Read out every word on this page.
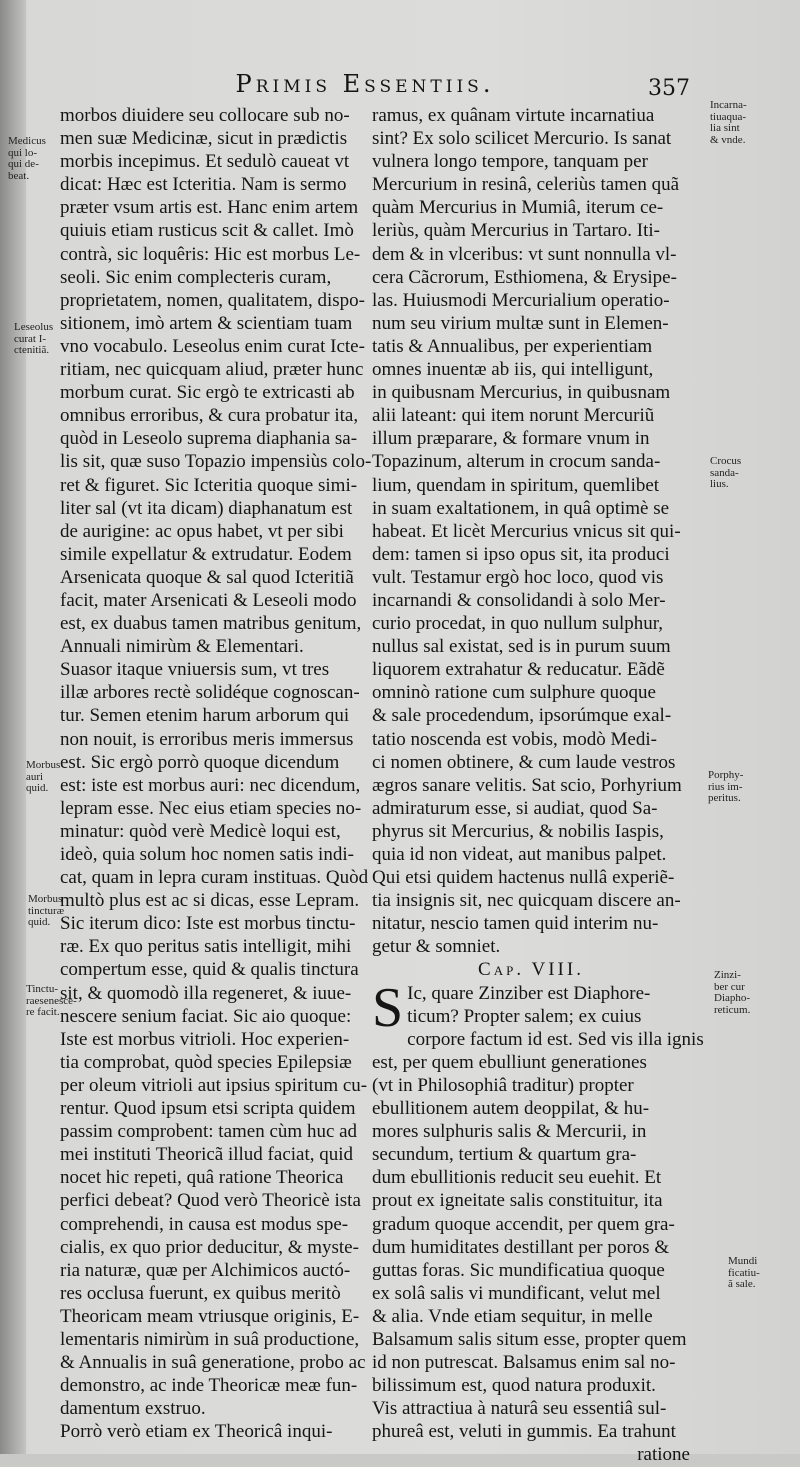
Primis Essentiis.	357
morbos diuidere seu collocare sub no-
men suæ Medicinæ, sicut in prædictis
morbis incepimus. Et sedulò caueat vt
dicat: Hæc est Icteritia. Nam is sermo
præter vsum artis est. Hanc enim artem
quiuis etiam rusticus scit & callet. Imò
contrà, sic loquêris: Hic est morbus Le-
seoli. Sic enim complecteris curam,
proprietatem, nomen, qualitatem, dispo-
sitionem, imò artem & scientiam tuam
vno vocabulo. Leseolus enim curat Icte-
ritiam, nec quicquam aliud, præter hunc
morbum curat. Sic ergò te extricasti ab
omnibus erroribus, & cura probatur ita,
quòd in Leseolo suprema diaphania sa-
lis sit, quæ suso Topazio impensiùs colo-
ret & figuret. Sic Icteritia quoque simi-
liter sal (vt ita dicam) diaphanatum est
de aurigine: ac opus habet, vt per sibi
simile expellatur & extrudatur. Eodem
Arsenicata quoque & sal quod Icteritiã
facit, mater Arsenicati & Leseoli modo
est, ex duabus tamen matribus genitum,
Annuali nimirùm & Elementari.
Suasor itaque vniuersis sum, vt tres
illæ arbores rectè solidéque cognoscan-
tur. Semen etenim harum arborum qui
non nouit, is erroribus meris immersus
est. Sic ergò porrò quoque dicendum
est: iste est morbus auri: nec dicendum,
lepram esse. Nec eius etiam species no-
minatur: quòd verè Medicè loqui est,
ideò, quia solum hoc nomen satis indi-
cat, quam in lepra curam instituas. Quòd
multò plus est ac si dicas, esse Lepram.
Sic iterum dico: Iste est morbus tinctu-
ræ. Ex quo peritus satis intelligit, mihi
compertum esse, quid & qualis tinctura
sit, & quomodò illa regeneret, & iuue-
nescere senium faciat. Sic aio quoque:
Iste est morbus vitrioli. Hoc experien-
tia comprobat, quòd species Epilepsiæ
per oleum vitrioli aut ipsius spiritum cu-
rentur. Quod ipsum etsi scripta quidem
passim comprobent: tamen cùm huc ad
mei instituti Theoricã illud faciat, quid
nocet hic repeti, quâ ratione Theorica
perfici debeat? Quod verò Theoricè ista
comprehendi, in causa est modus spe-
cialis, ex quo prior deducitur, & myste-
ria naturæ, quæ per Alchimicos auctó-
res occlusa fuerunt, ex quibus meritò
Theoricam meam vtriusque originis, E-
lementaris nimirùm in suâ productione,
& Annualis in suâ generatione, probo ac
demonstro, ac inde Theoricæ meæ fun-
damentum exstruo.
Porrò verò etiam ex Theoricâ inqui-
ramus, ex quânam virtute incarnatiua
sint? Ex solo scilicet Mercurio. Is sanat
vulnera longo tempore, tanquam per
Mercurium in resinâ, celeriùs tamen quã
quàm Mercurius in Mumiâ, iterum ce-
leriùs, quàm Mercurius in Tartaro. Iti-
dem & in vlceribus: vt sunt nonnulla vl-
cera Cãcrorum, Esthiomena, & Erysipe-
las. Huiusmodi Mercurialium operatio-
num seu virium multæ sunt in Elemen-
tatis & Annualibus, per experientiam
omnes inuentæ ab iis, qui intelligunt,
in quibusnam Mercurius, in quibusnam
alii lateant: qui item norunt Mercuriũ
illum præparare, & formare vnum in
Topazinum, alterum in crocum sanda-
lium, quendam in spiritum, quemlibet
in suam exaltationem, in quâ optimè se
habeat. Et licèt Mercurius vnicus sit qui-
dem: tamen si ipso opus sit, ita produci
vult. Testamur ergò hoc loco, quod vis
incarnandi & consolidandi à solo Mer-
curio procedat, in quo nullum sulphur,
nullus sal existat, sed is in purum suum
liquorem extrahatur & reducatur. Eãdẽ
omninò ratione cum sulphure quoque
& sale procedendum, ipsorúmque exal-
tatio noscenda est vobis, modò Medi-
ci nomen obtinere, & cum laude vestros
ægros sanare velitis. Sat scio, Porhyrium
admiraturum esse, si audiat, quod Sa-
phyrus sit Mercurius, & nobilis Iaspis,
quia id non videat, aut manibus palpet.
Qui etsi quidem hactenus nullâ experiẽ-
tia insignis sit, nec quicquam discere an-
nitatur, nescio tamen quid interim nu-
getur & somniet.
Cap. VIII.
S Ic, quare Zinziber est Diaphore-
ticum? Propter salem; ex cuius
corpore factum id est. Sed vis illa ignis
est, per quem ebulliunt generationes
(vt in Philosophiâ traditur) propter
ebullitionem autem deoppilat, & hu-
mores sulphuris salis & Mercurii, in
secundum, tertium & quartum gra-
dum ebullitionis reducit seu euehit. Et
prout ex igneitate salis constituitur, ita
gradum quoque accendit, per quem gra-
dum humiditates destillant per poros &
guttas foras. Sic mundificatiua quoque
ex solâ salis vi mundificant, velut mel
& alia. Vnde etiam sequitur, in melle
Balsamum salis situm esse, propter quem
id non putrescat. Balsamus enim sal no-
bilissimum est, quod natura produxit.
Vis attractiua à naturâ seu essentiâ sul-
phureâ est, veluti in gummis. Ea trahunt
ratione
Medicus
qui lo-
qui de-
beat.
Leseolus
curat I-
ctenitiã.
Morbus
auri
quid.
Morbus
tincturæ
quid.
Tinctu-
raesenesce-
re facit.
Incarna-
tiuaqua-
lia sint
& vnde.
Crocus
sanda-
lius.
Porphy-
rius im-
peritus.
Zinzi-
ber cur
Diapho-
reticum.
Mundi
ficatiu-
ã sale.
